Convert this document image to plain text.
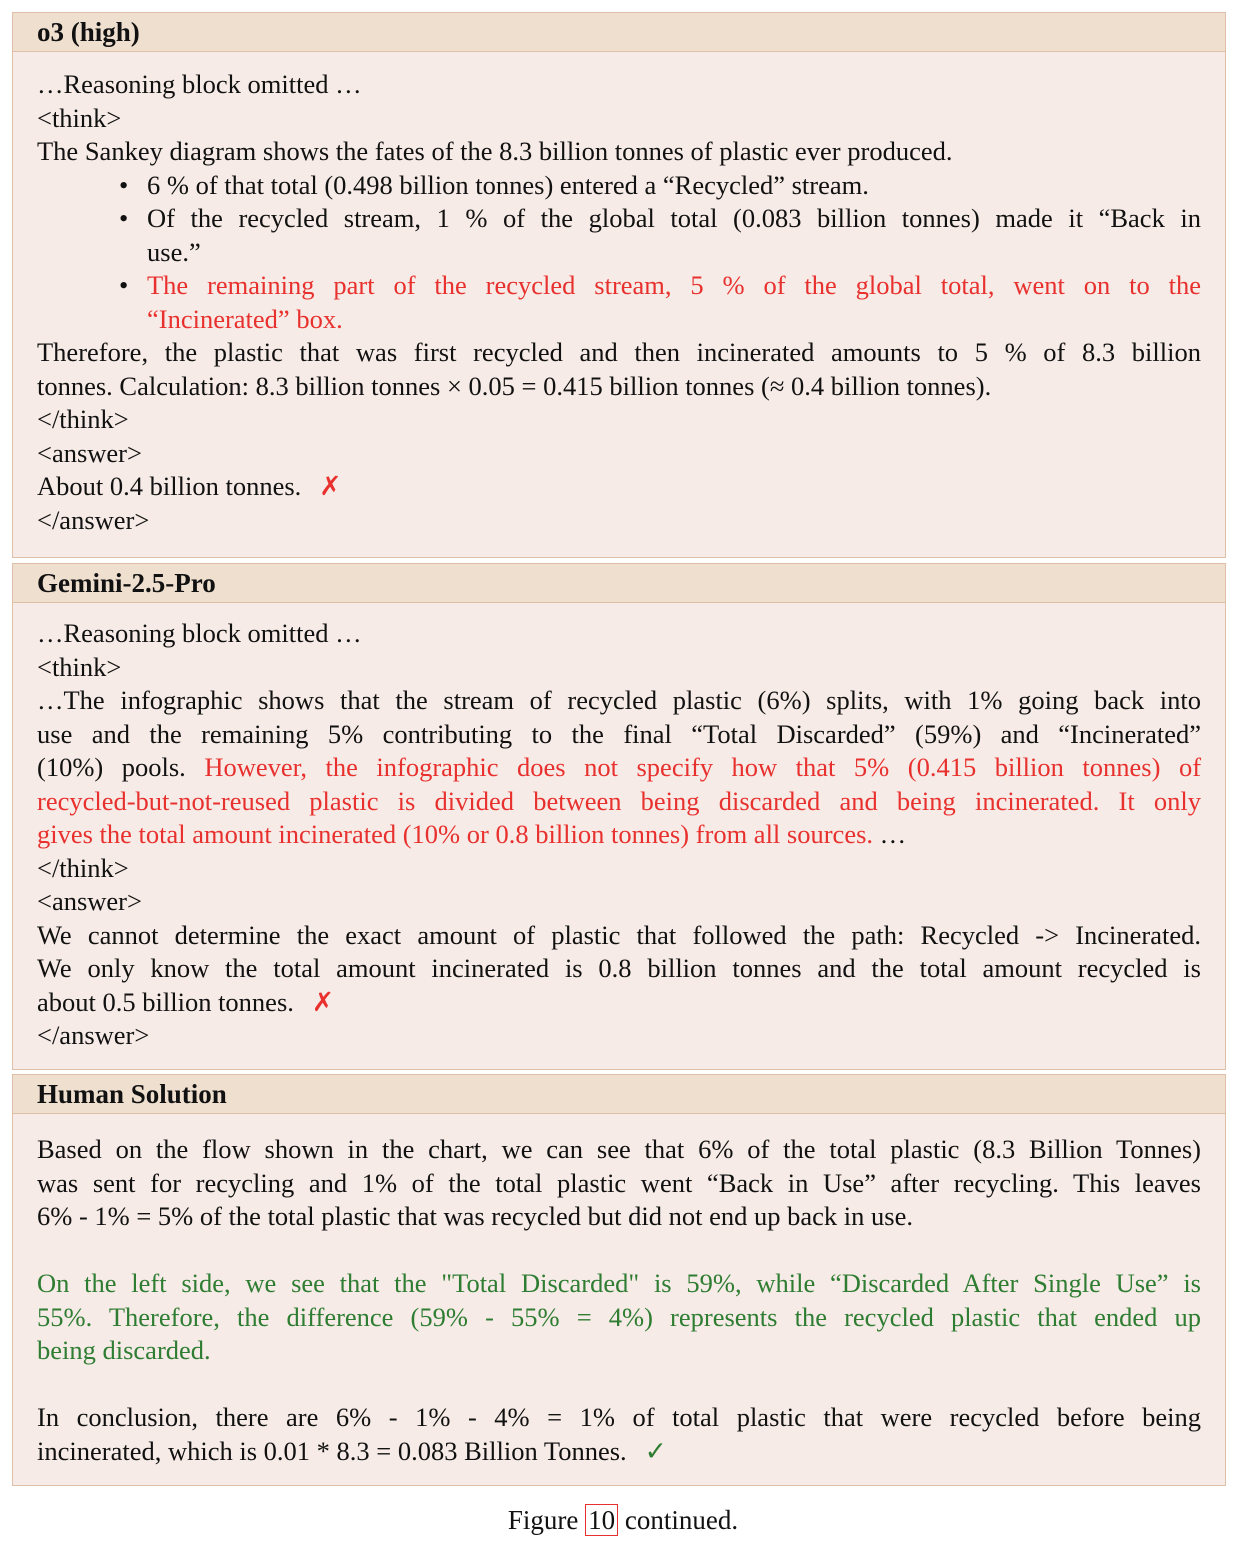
o3 (high)
…Reasoning block omitted …
<think>
The Sankey diagram shows the fates of the 8.3 billion tonnes of plastic ever produced.
• 6 % of that total (0.498 billion tonnes) entered a “Recycled” stream.
• Of the recycled stream, 1 % of the global total (0.083 billion tonnes) made it “Back in
use.”
• The remaining part of the recycled stream, 5 % of the global total, went on to the
“Incinerated” box.
Therefore, the plastic that was first recycled and then incinerated amounts to 5 % of 8.3 billion
tonnes. Calculation: 8.3 billion tonnes × 0.05 = 0.415 billion tonnes (≈ 0.4 billion tonnes).
</think>
<answer>
About 0.4 billion tonnes. ✗
</answer>
Gemini-2.5-Pro
…Reasoning block omitted …
<think>
…The infographic shows that the stream of recycled plastic (6%) splits, with 1% going back into
use and the remaining 5% contributing to the final “Total Discarded” (59%) and “Incinerated”
(10%) pools. However, the infographic does not specify how that 5% (0.415 billion tonnes) of
recycled-but-not-reused plastic is divided between being discarded and being incinerated. It only
gives the total amount incinerated (10% or 0.8 billion tonnes) from all sources. …
</think>
<answer>
We cannot determine the exact amount of plastic that followed the path: Recycled -> Incinerated.
We only know the total amount incinerated is 0.8 billion tonnes and the total amount recycled is
about 0.5 billion tonnes. ✗
</answer>
Human Solution
Based on the flow shown in the chart, we can see that 6% of the total plastic (8.3 Billion Tonnes)
was sent for recycling and 1% of the total plastic went “Back in Use” after recycling. This leaves
6% - 1% = 5% of the total plastic that was recycled but did not end up back in use.
On the left side, we see that the "Total Discarded" is 59%, while “Discarded After Single Use” is
55%. Therefore, the difference (59% - 55% = 4%) represents the recycled plastic that ended up
being discarded.
In conclusion, there are 6% - 1% - 4% = 1% of total plastic that were recycled before being
incinerated, which is 0.01 * 8.3 = 0.083 Billion Tonnes. ✓
Figure 10 continued.
